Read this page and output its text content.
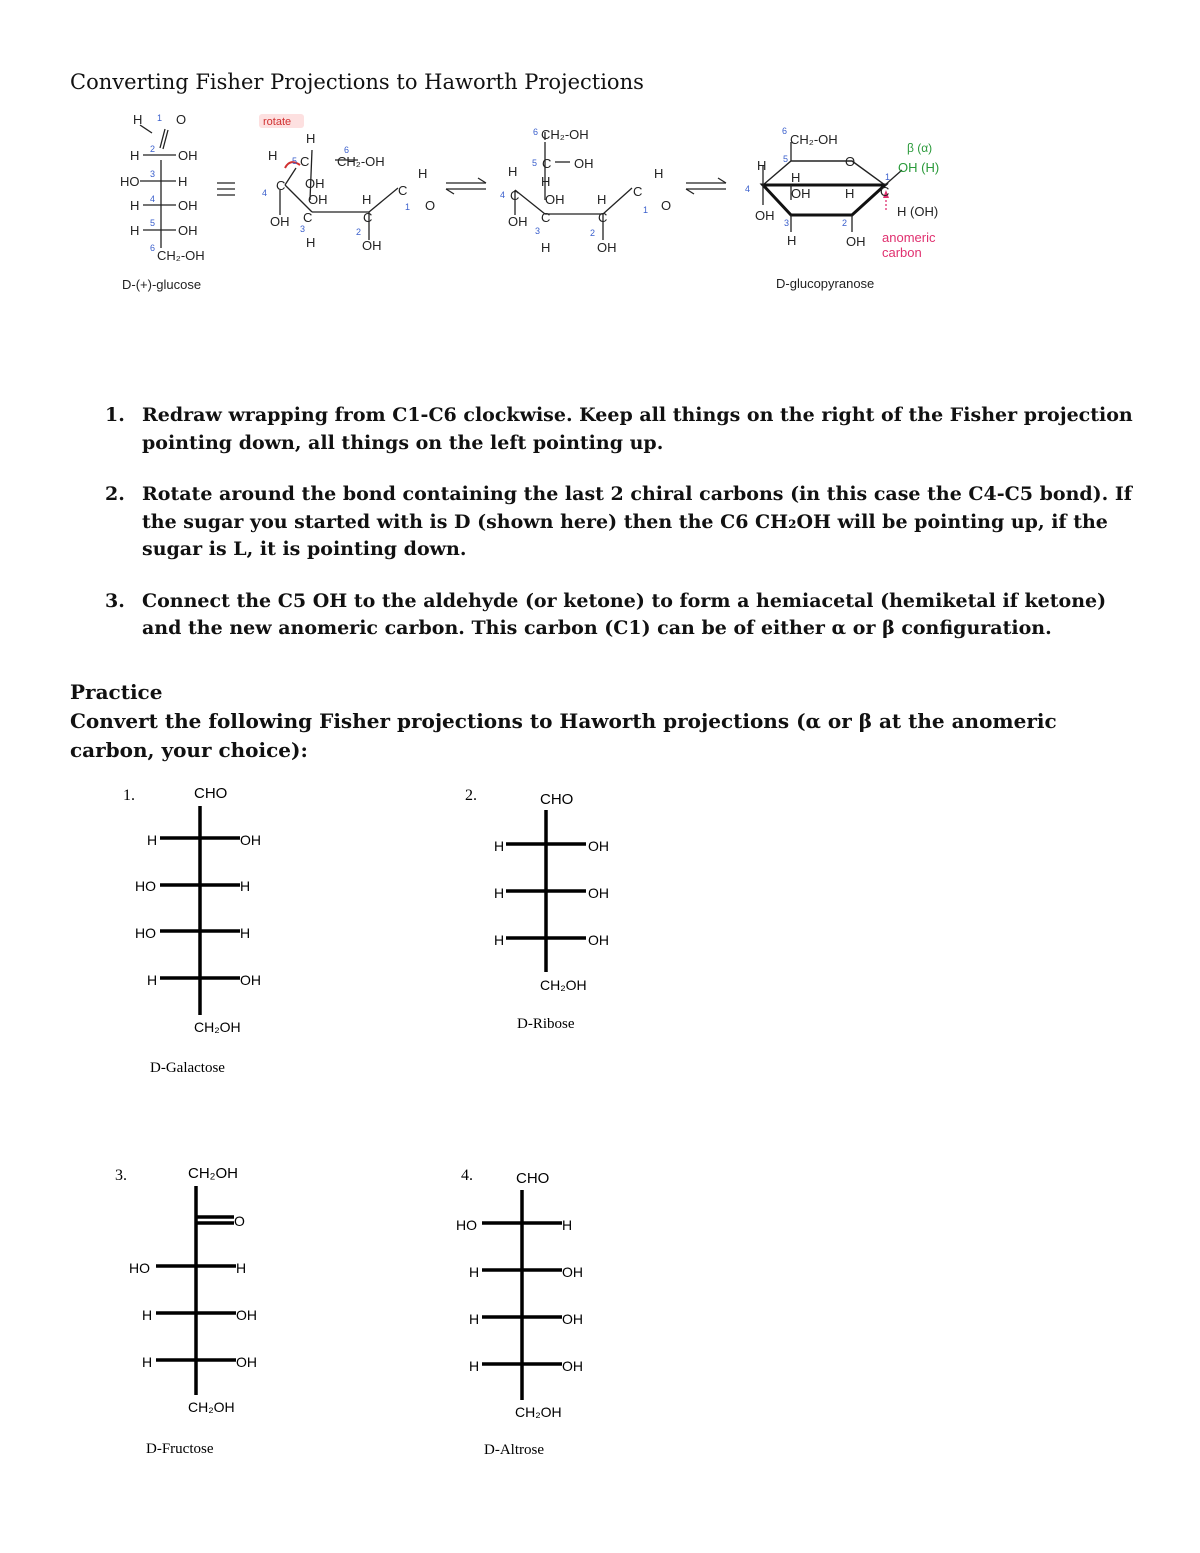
Converting Fisher Projections to Haworth Projections
H	O
1
H	OH
HO	H
H	OH
H	OH
CH₂-OH
2
3
4
5
6
rotate
H
C CH₂-OH
H
OH
C
OH
C
OH
H
H
C
OH
C
H
O
5
6
4
3	2
1
CH₂-OH
C OH
H
H
C OH
C
OH
H
H
C
OH
C
H
O
6
5
4
3	2
1
CH₂-OH
O
H
H
OH
OH
H
H	OH
C
6
5
4
3	2
1
β (α)
OH (H)
H (OH)
anomeric
carbon
D-(+)-glucose	D-glucopyranose
1. Redraw wrapping from C1-C6 clockwise. Keep all things on the right of the Fisher projection pointing down, all things on the left pointing up.
2. Rotate around the bond containing the last 2 chiral carbons (in this case the C4-C5 bond). If the sugar you started with is D (shown here) then the C6 CH₂OH will be pointing up, if the sugar is L, it is pointing down.
3. Connect the C5 OH to the aldehyde (or ketone) to form a hemiacetal (hemiketal if ketone) and the new anomeric carbon. This carbon (C1) can be of either α or β configuration.
Practice
Convert the following Fisher projections to Haworth projections (α or β at the anomeric carbon, your choice):
1.	CHO
H	OH
HO	H
HO	H
H	OH
CH₂OH
D-Galactose
2.	CHO
H	OH
H	OH
H	OH
CH₂OH
D-Ribose
3.	CH₂OH
O
HO	H
H	OH
H	OH
CH₂OH
D-Fructose
4.	CHO
HO	H
H	OH
H	OH
H	OH
CH₂OH
D-Altrose
